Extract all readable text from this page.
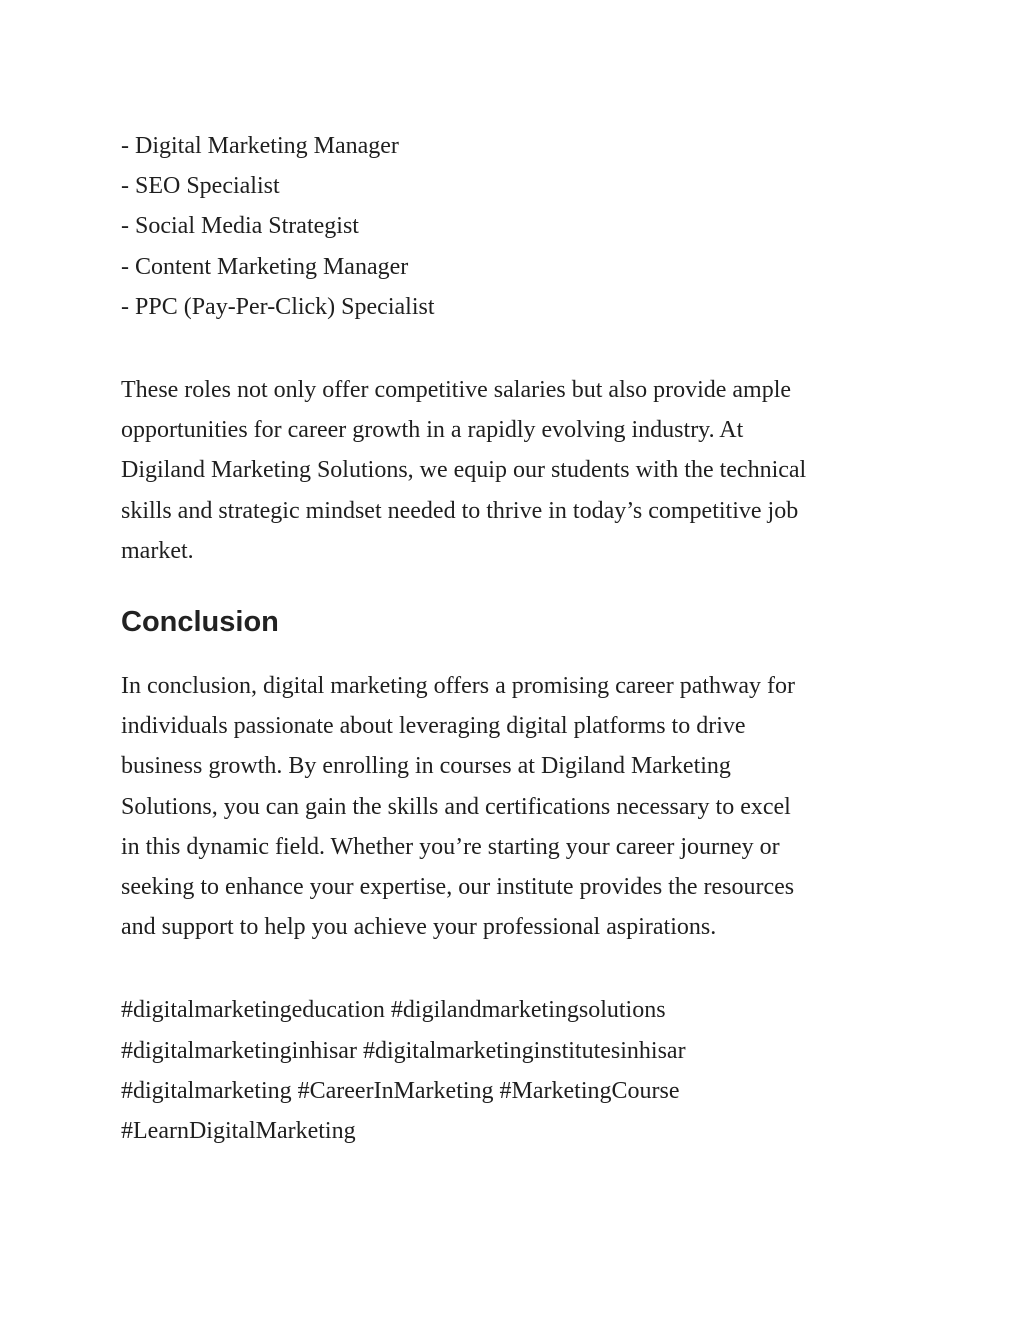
- Digital Marketing Manager
- SEO Specialist
- Social Media Strategist
- Content Marketing Manager
- PPC (Pay-Per-Click) Specialist
These roles not only offer competitive salaries but also provide ample
opportunities for career growth in a rapidly evolving industry. At
Digiland Marketing Solutions, we equip our students with the technical
skills and strategic mindset needed to thrive in today’s competitive job
market.
Conclusion
In conclusion, digital marketing offers a promising career pathway for
individuals passionate about leveraging digital platforms to drive
business growth. By enrolling in courses at Digiland Marketing
Solutions, you can gain the skills and certifications necessary to excel
in this dynamic field. Whether you’re starting your career journey or
seeking to enhance your expertise, our institute provides the resources
and support to help you achieve your professional aspirations.
#digitalmarketingeducation #digilandmarketingsolutions
#digitalmarketinginhisar #digitalmarketinginstitutesinhisar
#digitalmarketing #CareerInMarketing #MarketingCourse
#LearnDigitalMarketing
